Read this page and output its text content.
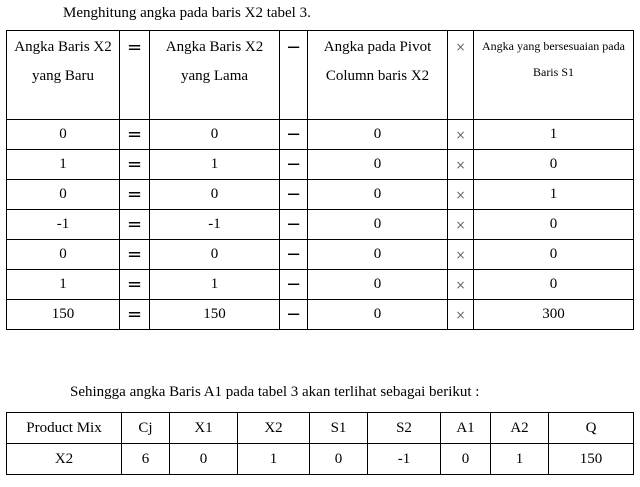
Menghitung angka pada baris X2 tabel 3.
Angka Baris X2 yang Baru	=	Angka Baris X2 yang Lama	−	Angka pada Pivot Column baris X2	×	Angka yang bersesuaian pada Baris S1
0	=	0	−	0	×	1
1	=	1	−	0	×	0
0	=	0	−	0	×	1
-1	=	-1	−	0	×	0
0	=	0	−	0	×	0
1	=	1	−	0	×	0
150	=	150	−	0	×	300
Sehingga angka Baris A1 pada tabel 3 akan terlihat sebagai berikut :
Product Mix	Cj	X1	X2	S1	S2	A1	A2	Q
X2	6	0	1	0	-1	0	1	150
